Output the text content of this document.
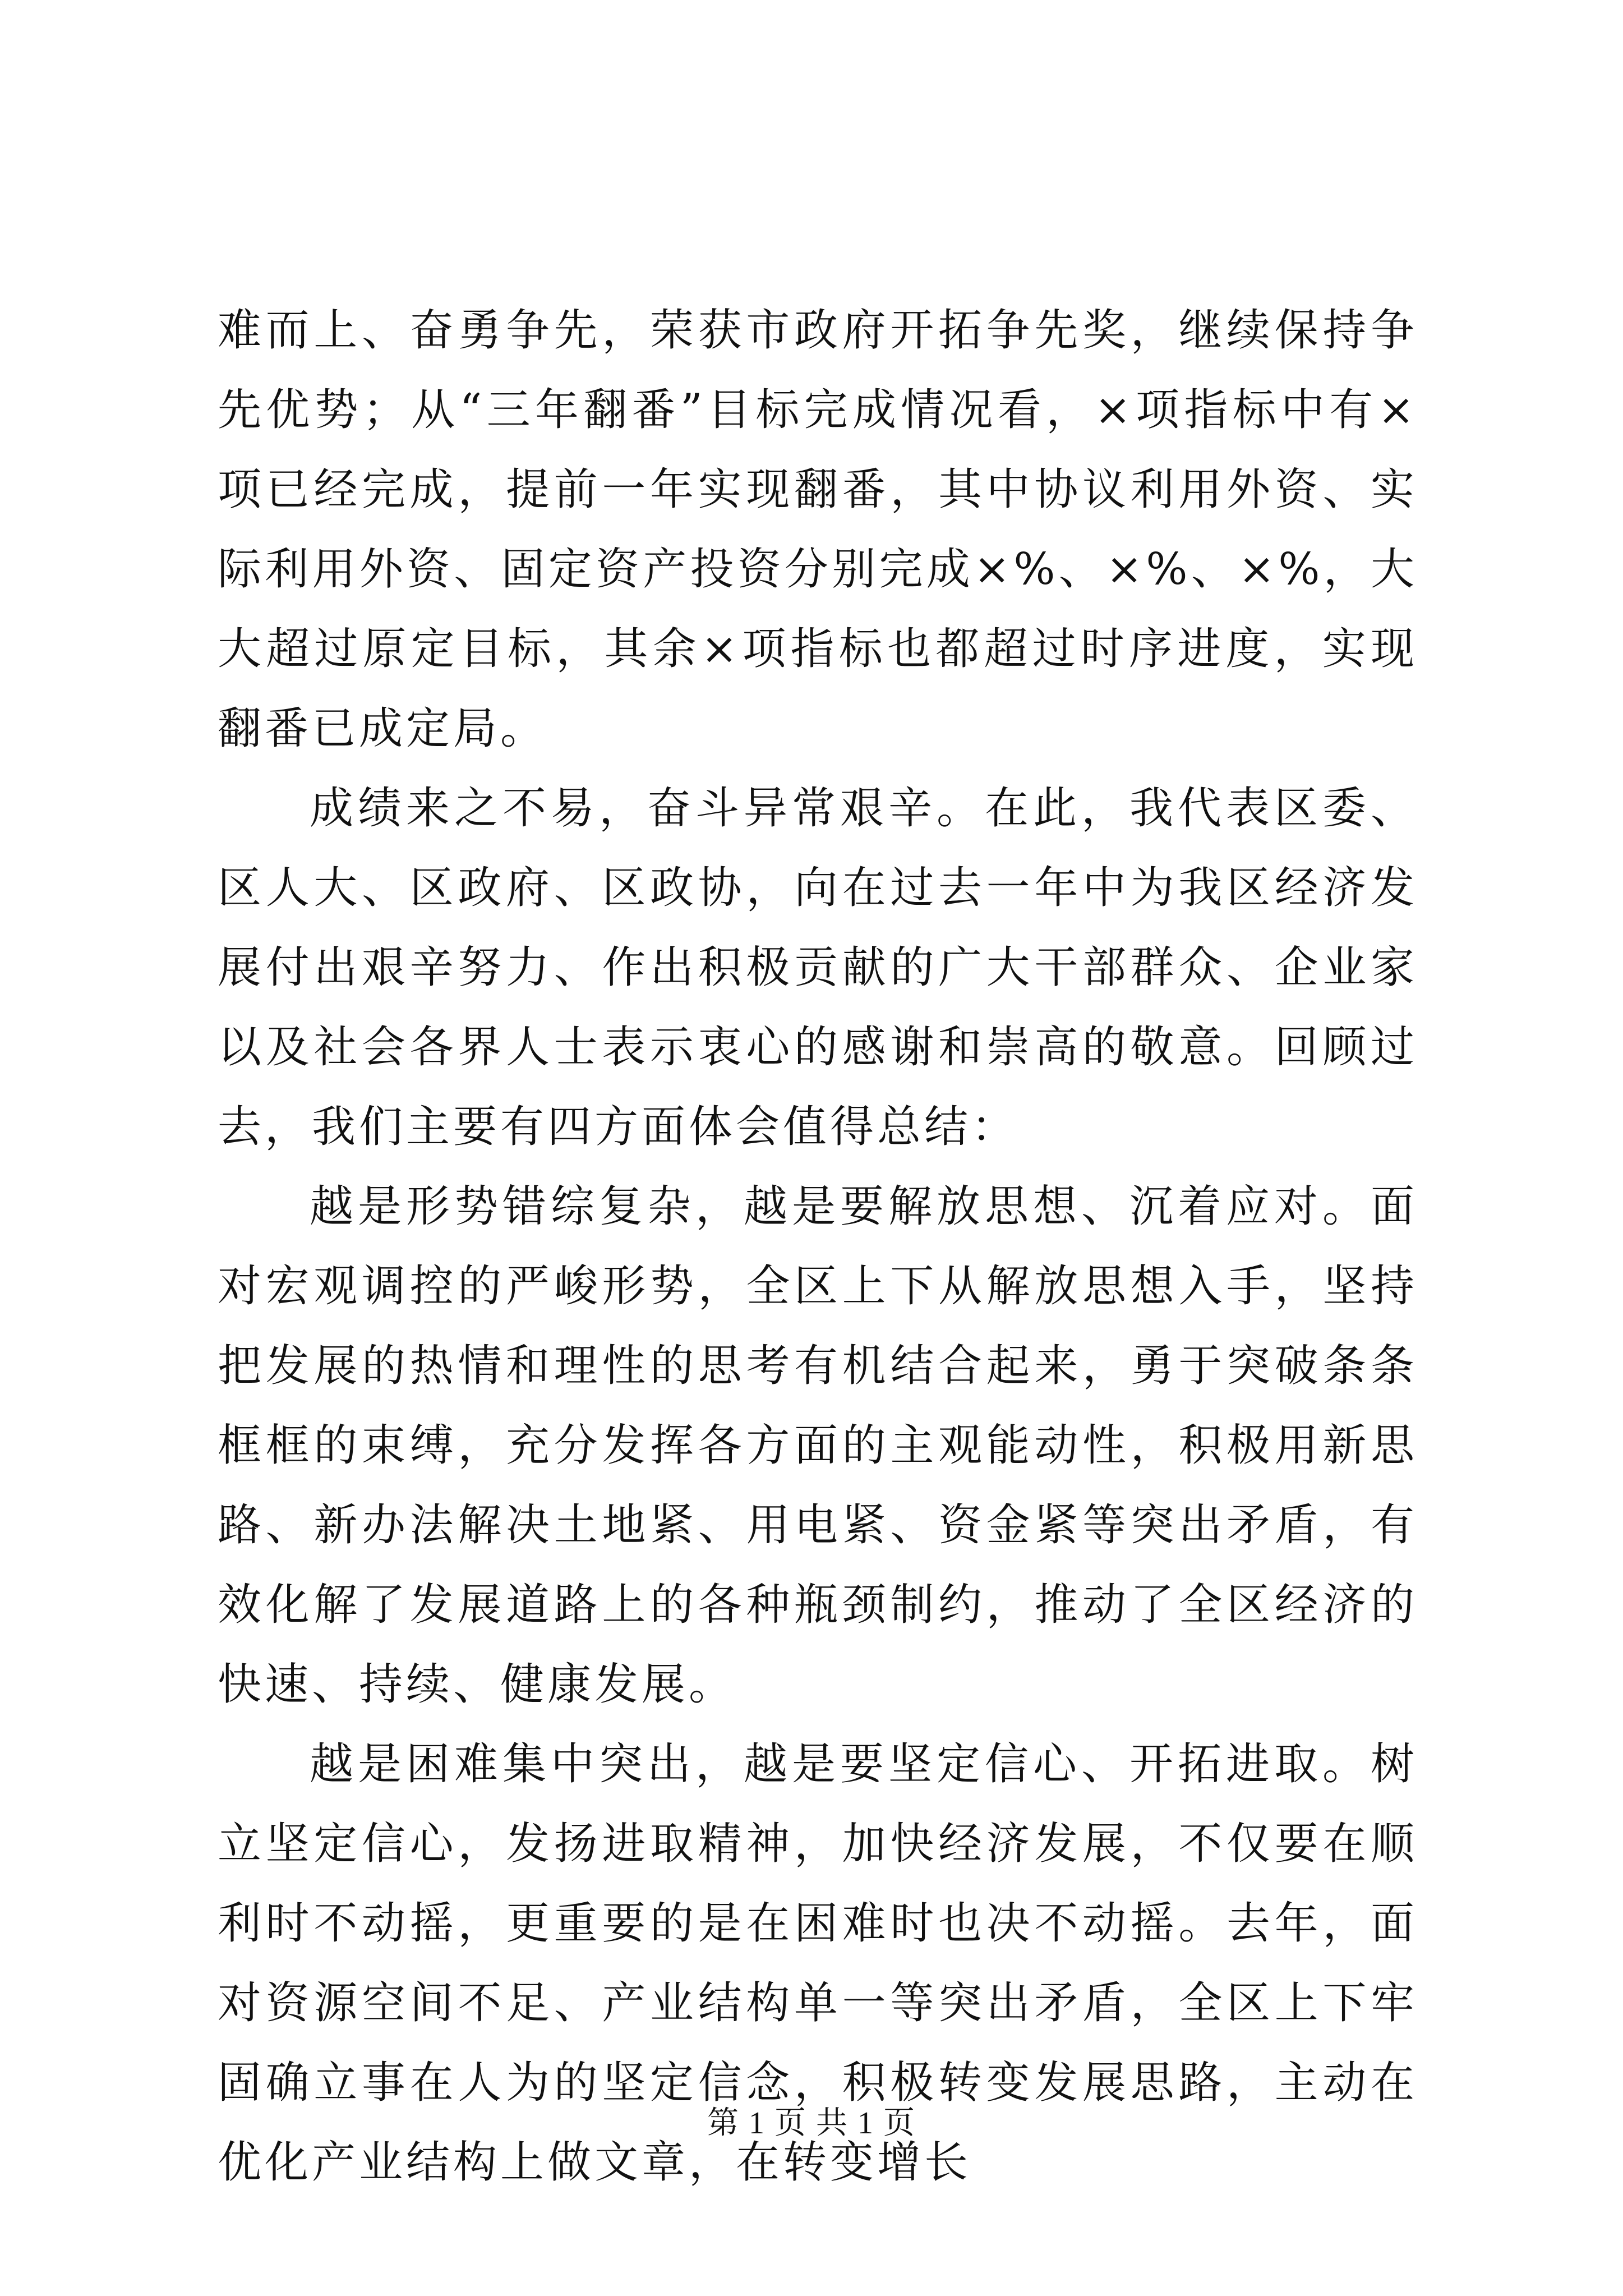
难而上、奋勇争先，荣获市政府开拓争先奖，继续保持争先优势；从“三年翻番”目标完成情况看，×项指标中有×项已经完成，提前一年实现翻番，其中协议利用外资、实际利用外资、固定资产投资分别完成×%、×%、×%，大大超过原定目标，其余×项指标也都超过时序进度，实现翻番已成定局。

成绩来之不易，奋斗异常艰辛。在此，我代表区委、区人大、区政府、区政协，向在过去一年中为我区经济发展付出艰辛努力、作出积极贡献的广大干部群众、企业家以及社会各界人士表示衷心的感谢和崇高的敬意。回顾过去，我们主要有四方面体会值得总结：

越是形势错综复杂，越是要解放思想、沉着应对。面对宏观调控的严峻形势，全区上下从解放思想入手，坚持把发展的热情和理性的思考有机结合起来，勇于突破条条框框的束缚，充分发挥各方面的主观能动性，积极用新思路、新办法解决土地紧、用电紧、资金紧等突出矛盾，有效化解了发展道路上的各种瓶颈制约，推动了全区经济的快速、持续、健康发展。

越是困难集中突出，越是要坚定信心、开拓进取。树立坚定信心，发扬进取精神，加快经济发展，不仅要在顺利时不动摇，更重要的是在困难时也决不动摇。去年，面对资源空间不足、产业结构单一等突出矛盾，全区上下牢固确立事在人为的坚定信念，积极转变发展思路，主动在优化产业结构上做文章，在转变增长

第 1 页 共 1 页
